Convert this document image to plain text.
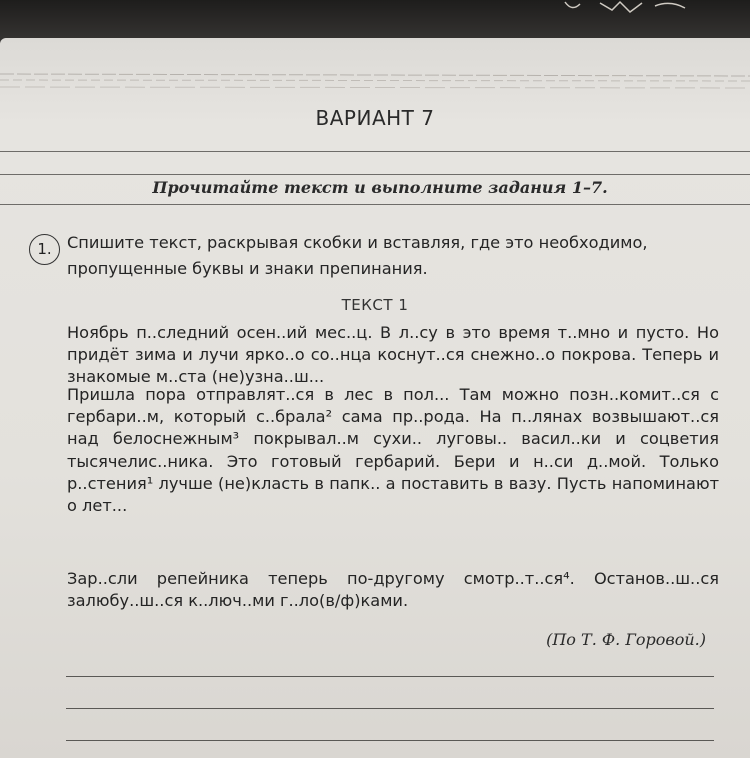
ВАРИАНТ 7
Прочитайте текст и выполните задания 1–7.
1. Спишите текст, раскрывая скобки и вставляя, где это необходимо, пропущенные буквы и знаки препинания.
ТЕКСТ 1
Ноябрь п..следний осен..ий мес..ц. В л..су в это время т..мно и пусто. Но придёт зима и лучи ярко..о со..нца коснут..ся снежно..о покрова. Теперь и знакомые м..ста (не)узна..ш...
Пришла пора отправлят..ся в лес в пол... Там можно позн..комит..ся с гербари..м, который с..брала² сама пр..рода. На п..лянах возвышают..ся над белоснежным³ покрывал..м сухи.. луговы.. васил..ки и соцветия тысячелис..ника. Это готовый гербарий. Бери и н..си д..мой. Только р..стения¹ лучше (не)класть в папк.. а поставить в вазу. Пусть напоминают о лет...
Зар..сли репейника теперь по-другому смотр..т..ся⁴. Останов..ш..ся залюбу..ш..ся к..люч..ми г..ло(в/ф)ками.
(По Т. Ф. Горовой.)
